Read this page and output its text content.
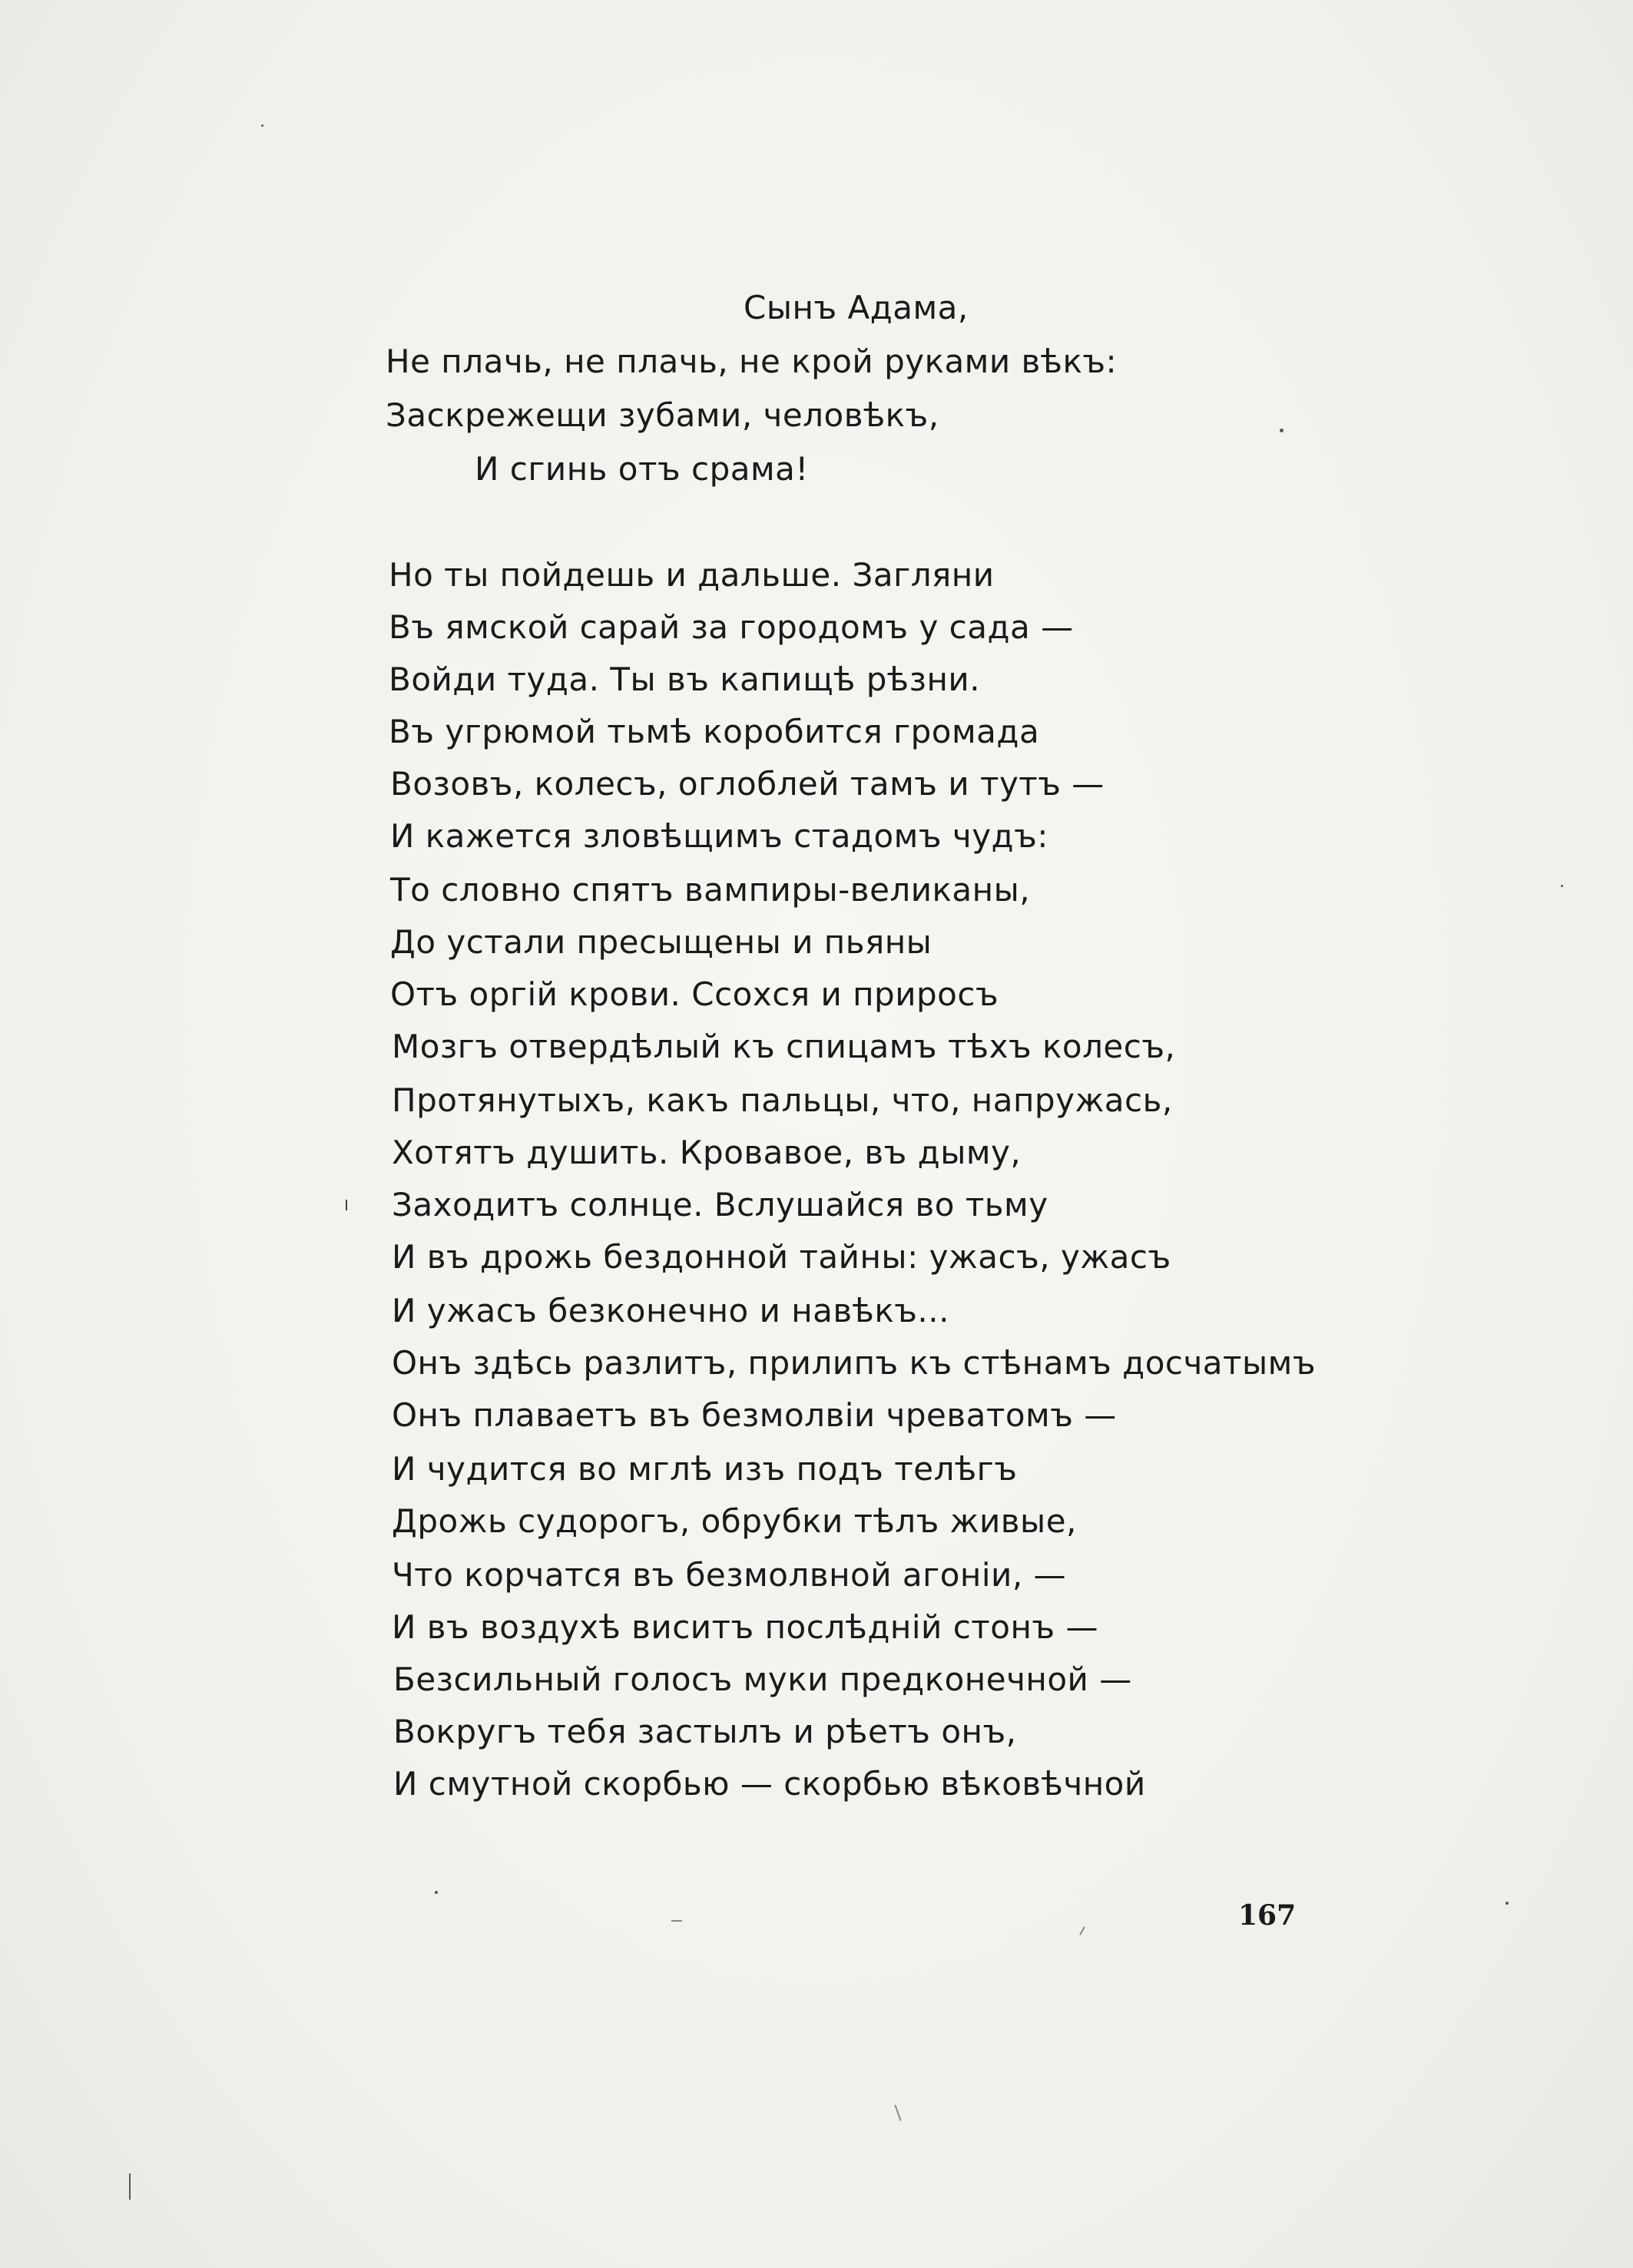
Сынъ Адама,
Не плачь, не плачь, не крой руками вѣкъ:
Заскрежещи зубами, человѣкъ,
И сгинь отъ срама!
Но ты пойдешь и дальше. Загляни
Въ ямской сарай за городомъ у сада —
Войди туда. Ты въ капищѣ рѣзни.
Въ угрюмой тьмѣ коробится громада
Возовъ, колесъ, оглоблей тамъ и тутъ —
И кажется зловѣщимъ стадомъ чудъ:
То словно спятъ вампиры-великаны,
До устали пресыщены и пьяны
Отъ оргій крови. Ссохся и приросъ
Мозгъ отвердѣлый къ спицамъ тѣхъ колесъ,
Протянутыхъ, какъ пальцы, что, напружась,
Хотятъ душить. Кровавое, въ дыму,
Заходитъ солнце. Вслушайся во тьму
И въ дрожь бездонной тайны: ужасъ, ужасъ
И ужасъ безконечно и навѣкъ...
Онъ здѣсь разлитъ, прилипъ къ стѣнамъ досчатымъ
Онъ плаваетъ въ безмолвіи чреватомъ —
И чудится во мглѣ изъ подъ телѣгъ
Дрожь судорогъ, обрубки тѣлъ живые,
Что корчатся въ безмолвной агоніи, —
И въ воздухѣ виситъ послѣдній стонъ —
Безсильный голосъ муки предконечной —
Вокругъ тебя застылъ и рѣетъ онъ,
И смутной скорбью — скорбью вѣковѣчной
167
